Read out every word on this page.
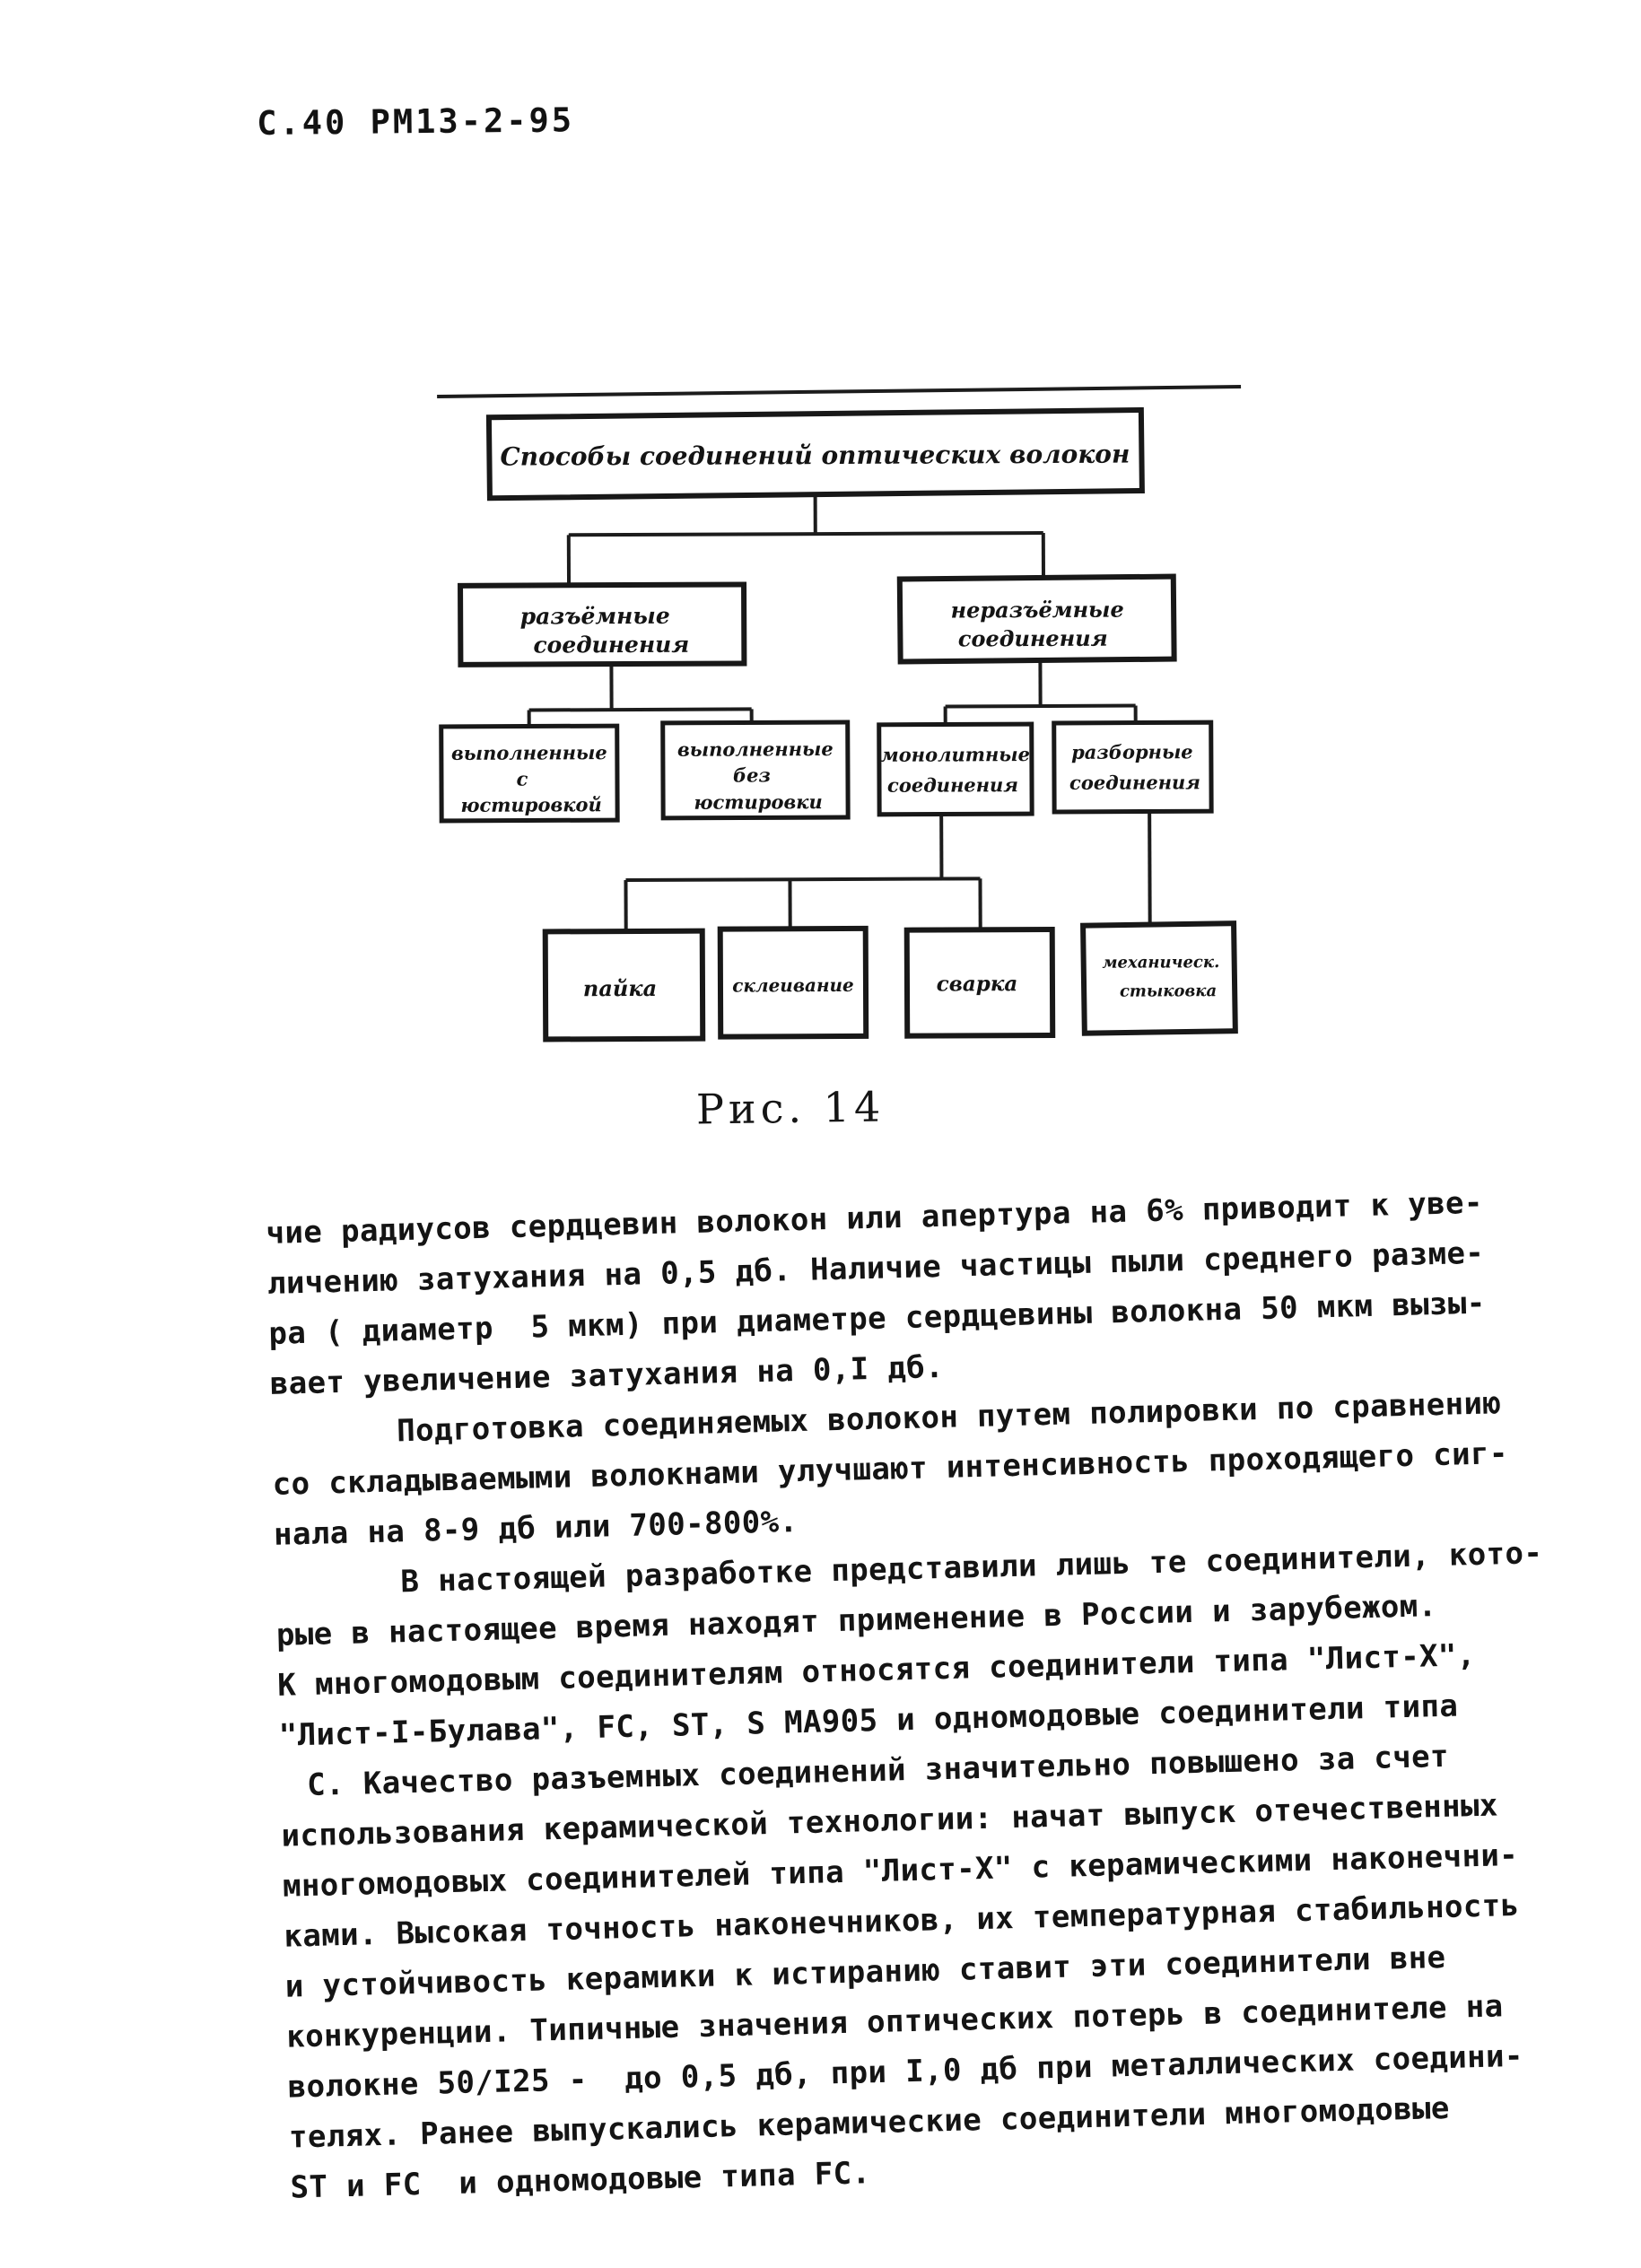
С.40 РМ13-2-95
Способы соединений оптических волокон
разъёмные
соединения
неразъёмные
соединения
выполненные
с
юстировкой
выполненные
без
юстировки
монолитные
соединения
разборные
соединения
пайка	склеивание	сварка
механическ.
стыковка
Рис. 14

чие радиусов сердцевин волокон или апертура на 6% приводит к уве-

личению затухания на 0,5 дб. Наличие частицы пыли среднего разме-

ра ( диаметр  5 мкм) при диаметре сердцевины волокна 50 мкм вызы-

вает увеличение затухания на 0,I дб.

Подготовка соединяемых волокон путем полировки по сравнению

со складываемыми волокнами улучшают интенсивность проходящего сиг-

нала на 8-9 дб или 700-800%.

В настоящей разработке представили лишь те соединители, кото-

рые в настоящее время находят применение в России и зарубежом.

К многомодовым соединителям относятся соединители типа "Лист-Х",

"Лист-I-Булава", FC, ST, S MA905 и одномодовые соединители типа

С. Качество разъемных соединений значительно повышено за счет

использования керамической технологии: начат выпуск отечественных

многомодовых соединителей типа "Лист-Х" с керамическими наконечни-

ками. Высокая точность наконечников, их температурная стабильность

и устойчивость керамики к истиранию ставит эти соединители вне

конкуренции. Типичные значения оптических потерь в соединителе на

волокне 50/I25 -  до 0,5 дб, при I,0 дб при металлических соедини-

телях. Ранее выпускались керамические соединители многомодовые

ST и FC  и одномодовые типа FC.
